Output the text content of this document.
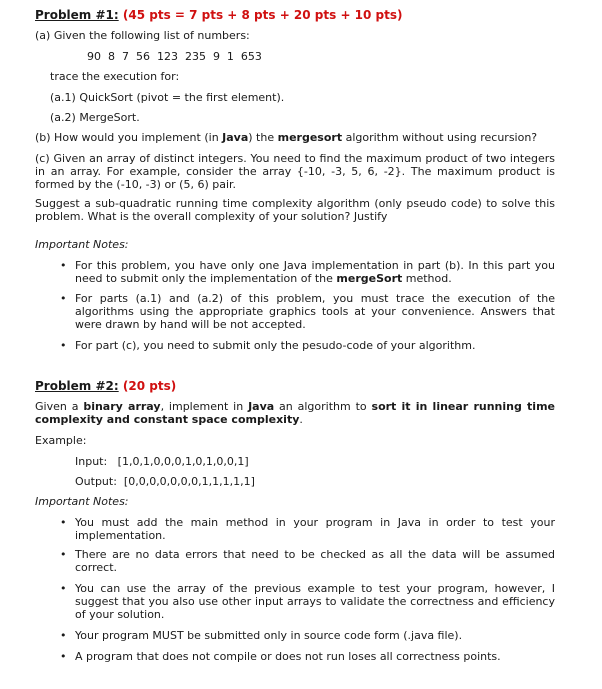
Problem #1: (45 pts = 7 pts + 8 pts + 20 pts + 10 pts)
(a) Given the following list of numbers:
90  8  7  56  123  235  9  1  653
trace the execution for:
(a.1) QuickSort (pivot = the first element).
(a.2) MergeSort.
(b) How would you implement (in Java) the mergesort algorithm without using recursion?
(c) Given an array of distinct integers. You need to find the maximum product of two integers in an array. For example, consider the array {-10, -3, 5, 6, -2}. The maximum product is formed by the (-10, -3) or (5, 6) pair.
Suggest a sub-quadratic running time complexity algorithm (only pseudo code) to solve this problem. What is the overall complexity of your solution? Justify
Important Notes:
• For this problem, you have only one Java implementation in part (b). In this part you need to submit only the implementation of the mergeSort method.
• For parts (a.1) and (a.2) of this problem, you must trace the execution of the algorithms using the appropriate graphics tools at your convenience. Answers that were drawn by hand will be not accepted.
• For part (c), you need to submit only the pesudo-code of your algorithm.
Problem #2: (20 pts)
Given a binary array, implement in Java an algorithm to sort it in linear running time complexity and constant space complexity.
Example:
Input:   [1,0,1,0,0,0,1,0,1,0,0,1]
Output:  [0,0,0,0,0,0,0,1,1,1,1,1]
Important Notes:
• You must add the main method in your program in Java in order to test your implementation.
• There are no data errors that need to be checked as all the data will be assumed correct.
• You can use the array of the previous example to test your program, however, I suggest that you also use other input arrays to validate the correctness and efficiency of your solution.
• Your program MUST be submitted only in source code form (.java file).
• A program that does not compile or does not run loses all correctness points.
